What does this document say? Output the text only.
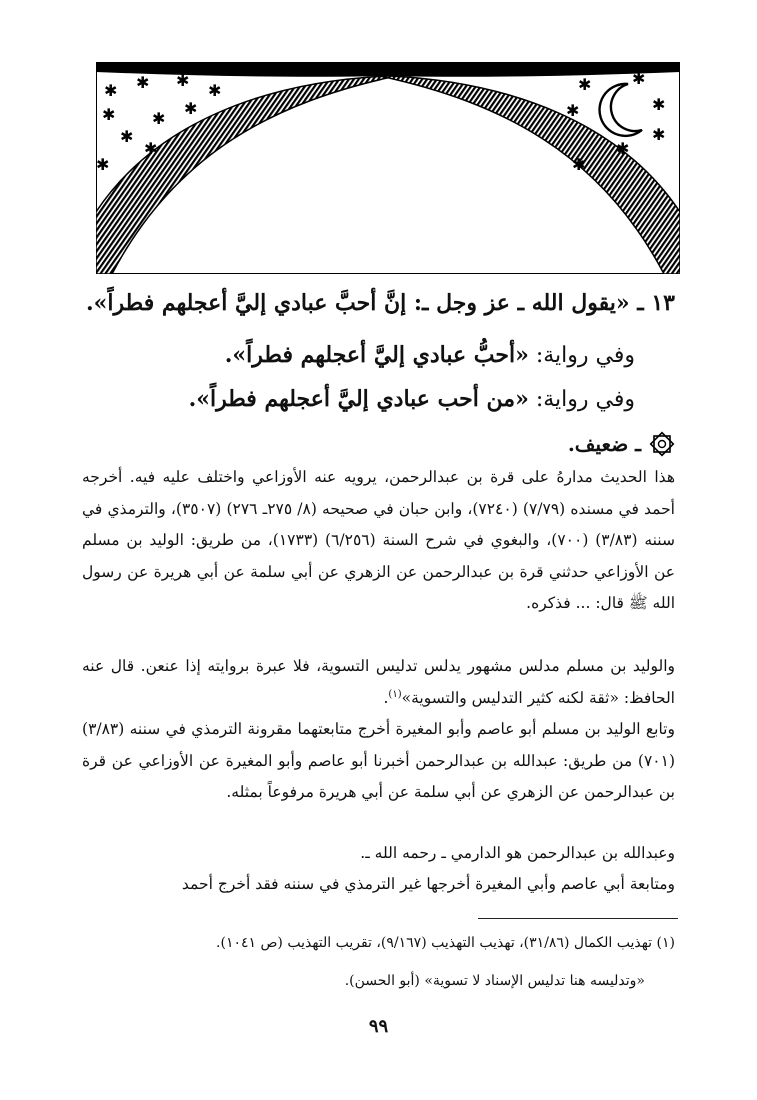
✱ ✱ ✱
✱
✱ ✱
✱
✱
✱
✱
✱	✱
✱
✱
✱
✱
✱
١٣ ـ «يقول الله ـ عز وجل ـ: إنَّ أحبَّ عبادي إليَّ أعجلهم فطراً».
وفي رواية: «أحبُّ عبادي إليَّ أعجلهم فطراً».
وفي رواية: «من أحب عبادي إليَّ أعجلهم فطراً».
ـ ضعيف.
هذا الحديث مدارهُ على قرة بن عبدالرحمن، يرويه عنه الأوزاعي واختلف عليه فيه. أخرجه أحمد في مسنده (٧/٧٩) (٧٢٤٠)، وابن حبان في صحيحه (٨/ ٢٧٥ـ ٢٧٦) (٣٥٠٧)، والترمذي في سننه (٣/٨٣) (٧٠٠)، والبغوي في شرح السنة (٦/٢٥٦) (١٧٣٣)، من طريق: الوليد بن مسلم عن الأوزاعي حدثني قرة بن عبدالرحمن عن الزهري عن أبي سلمة عن أبي هريرة عن رسول الله ﷺ قال: ... فذكره.
والوليد بن مسلم مدلس مشهور يدلس تدليس التسوية، فلا عبرة بروايته إذا عنعن. قال عنه الحافظ: «ثقة لكنه كثير التدليس والتسوية»$^{(١)}$.
وتابع الوليد بن مسلم أبو عاصم وأبو المغيرة أخرج متابعتهما مقرونة الترمذي في سننه (٣/٨٣) (٧٠١) من طريق: عبدالله بن عبدالرحمن أخبرنا أبو عاصم وأبو المغيرة عن الأوزاعي عن قرة بن عبدالرحمن عن الزهري عن أبي سلمة عن أبي هريرة مرفوعاً بمثله.
وعبدالله بن عبدالرحمن هو الدارمي ـ رحمه الله ـ.
ومتابعة أبي عاصم وأبي المغيرة أخرجها غير الترمذي في سننه فقد أخرج أحمد
(١) تهذيب الكمال (٣١/٨٦)، تهذيب التهذيب (٩/١٦٧)، تقريب التهذيب (ص ١٠٤١).
«وتدليسه هنا تدليس الإسناد لا تسوية» (أبو الحسن).
٩٩
